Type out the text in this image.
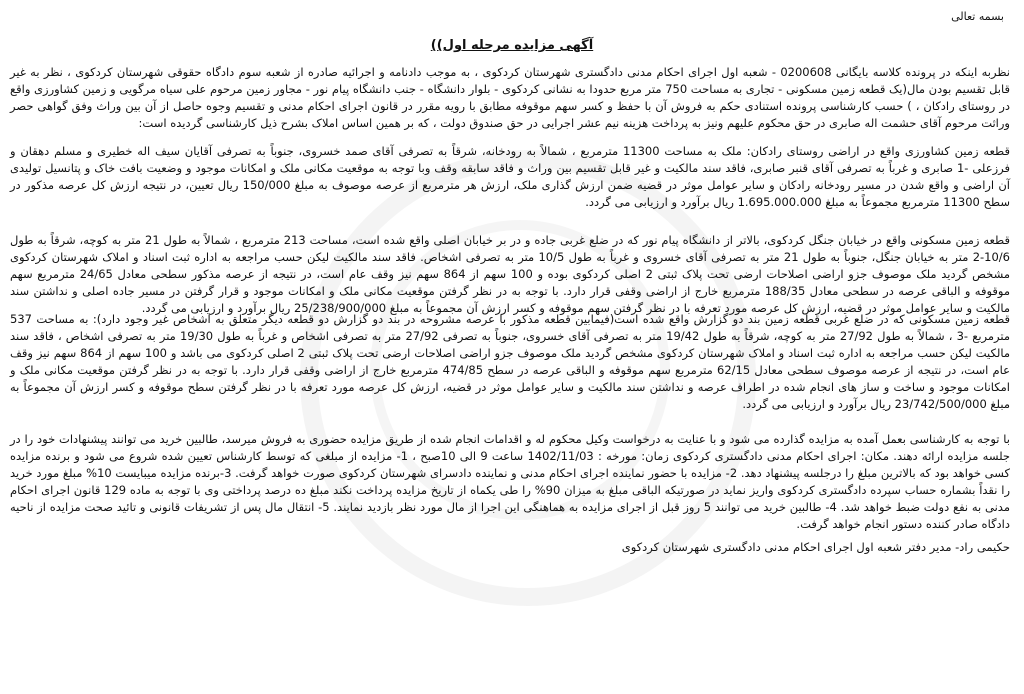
بسمه تعالی
آگهی مزایده مرحله اول))

نظربه اینکه در پرونده کلاسه بایگانی 0200608 - شعبه اول اجرای احکام مدنی دادگستری شهرستان کردکوی ، به موجب دادنامه و اجرائیه صادره از شعبه سوم دادگاه حقوقی شهرستان کردکوی ، نظر به غیر قابل تقسیم بودن مال(یک قطعه زمین مسکونی - تجاری به مساحت 750 متر مربع حدودا به نشانی کردکوی - بلوار دانشگاه - جنب دانشگاه پیام نور - مجاور زمین مرحوم علی سیاه مرگویی و زمین کشاورزی واقع در روستای رادکان ، ) حسب کارشناسی پرونده استنادی حکم به فروش آن با حفظ و کسر سهم موقوفه مطابق با رویه مقرر در قانون اجرای احکام مدنی و تقسیم وجوه حاصل از آن بین وراث وفق گواهی حصر وراثت مرحوم آقای حشمت اله صابری در حق محکوم علیهم ونیز به پرداخت هزینه نیم عشر اجرایی در حق صندوق دولت ، که بر همین اساس املاک بشرح ذیل کارشناسی گردیده است:

قطعه زمین کشاورزی واقع در اراضی روستای رادکان: ملک به مساحت 11300 مترمربع ، شمالاً به رودخانه، شرقاً به تصرفی آقای صمد خسروی، جنوباً به تصرفی آقایان سیف اله خطیری و مسلم دهقان و فرزعلی -1 صابری و غرباً به تصرفی آقای قنبر صابری، فاقد سند مالکیت و غیر قابل تقسیم بین وراث و فاقد سابقه وقف وبا توجه به موقعیت مکانی ملک و امکانات موجود و وضعیت بافت خاک و پتانسیل تولیدی آن اراضی و واقع شدن در مسیر رودخانه رادکان و سایر عوامل موثر در قضیه ضمن ارزش گذاری ملک، ارزش هر مترمربع از عرصه موصوف به مبلغ 150/000 ریال تعیین، در نتیجه ارزش کل عرصه مذکور در سطح 11300 مترمربع مجموعاً به مبلغ 1.695.000.000 ریال برآورد و ارزیابی می گردد.

قطعه زمین مسکونی واقع در خیابان جنگل کردکوی، بالاتر از دانشگاه پیام نور که در ضلع غربی جاده و در بر خیابان اصلی واقع شده است، مساحت 213 مترمربع ، شمالاً به طول 21 متر به کوچه، شرقاً به طول 10/6-2 متر به خیابان جنگل، جنوباً به طول 21 متر به تصرفی آقای خسروی و غرباً به طول 10/5 متر به تصرفی اشخاص. فاقد سند مالکیت لیکن حسب مراجعه به اداره ثبت اسناد و املاک شهرستان کردکوی مشخص گردید ملک موصوف جزو اراضی اصلاحات ارضی تحت پلاک ثبتی 2 اصلی کردکوی بوده و 100 سهم از 864 سهم نیز وقف عام است، در نتیجه از عرصه مذکور سطحی معادل 24/65 مترمربع سهم موقوفه و الباقی عرصه در سطحی معادل 188/35 مترمربع خارج از اراضی وقفی قرار دارد. با توجه به در نظر گرفتن موقعیت مکانی ملک و امکانات موجود و قرار گرفتن در مسیر جاده اصلی و نداشتن سند مالکیت و سایر عوامل موثر در قضیه، ارزش کل عرصه مورد تعرفه با در نظر گرفتن سهم موقوفه و کسر ارزش آن مجموعاً به مبلغ 25/238/900/000 ریال برآورد و ارزیابی می گردد.

قطعه زمین مسکونی که در ضلع غربی قطعه زمین بند دو گزارش واقع شده است(فیمابین قطعه مذکور با عرصه مشروحه در بند دو گزارش دو قطعه دیگر متعلق به اشخاص غیر وجود دارد): به مساحت 537 مترمربع -3 ، شمالاً به طول 27/92 متر به کوچه، شرقاً به طول 19/42 متر به تصرفی آقای خسروی، جنوباً به تصرفی 27/92 متر به تصرفی اشخاص و غرباً به طول 19/30 متر به تصرفی اشخاص ، فاقد سند مالکیت لیکن حسب مراجعه به اداره ثبت اسناد و املاک شهرستان کردکوی مشخص گردید ملک موصوف جزو اراضی اصلاحات ارضی تحت پلاک ثبتی 2 اصلی کردکوی می باشد و 100 سهم از 864 سهم نیز وقف عام است، در نتیجه از عرصه موصوف سطحی معادل 62/15 مترمربع سهم موقوفه و الباقی عرصه در سطح 474/85 مترمربع خارج از اراضی وقفی قرار دارد. با توجه به در نظر گرفتن موقعیت مکانی ملک و امکانات موجود و ساخت و ساز های انجام شده در اطراف عرصه و نداشتن سند مالکیت و سایر عوامل موثر در قضیه، ارزش کل عرصه مورد تعرفه با در نظر گرفتن سطح موقوفه و کسر ارزش آن مجموعاً به مبلغ 23/742/500/000 ریال برآورد و ارزیابی می گردد.

با توجه به کارشناسی بعمل آمده به مزایده گذارده می شود و با عنایت به درخواست وکیل محکوم له و اقدامات انجام شده از طریق مزایده حضوری به فروش میرسد، طالبین خرید می توانند پیشنهادات خود را در جلسه مزایده ارائه دهند. مکان: اجرای احکام مدنی دادگستری کردکوی زمان: مورخه : 1402/11/03 ساعت 9 الی 10صبح ، 1- مزایده از مبلغی که توسط کارشناس تعیین شده شروع می شود و برنده مزایده کسی خواهد بود که بالاترین مبلغ را درجلسه پیشنهاد دهد. 2- مزایده با حضور نماینده اجرای احکام مدنی و نماینده دادسرای شهرستان کردکوی صورت خواهد گرفت. 3-برنده مزایده میبایست 10% مبلغ مورد خرید را نقداً بشماره حساب سپرده دادگستری کردکوی واریز نماید در صورتیکه الباقی مبلغ به میزان 90% را طی یکماه از تاریخ مزایده پرداخت نکند مبلغ ده درصد پرداختی وی با توجه به ماده 129 قانون اجرای احکام مدنی به نفع دولت ضبط خواهد شد. 4- طالبین خرید می توانند 5 روز قبل از اجرای مزایده به هماهنگی این اجرا از مال مورد نظر بازدید نمایند. 5- انتقال مال پس از تشریفات قانونی و تائید صحت مزایده از ناحیه دادگاه صادر کننده دستور انجام خواهد گرفت.

حکیمی راد- مدیر دفتر شعبه اول اجرای احکام مدنی دادگستری شهرستان کردکوی
